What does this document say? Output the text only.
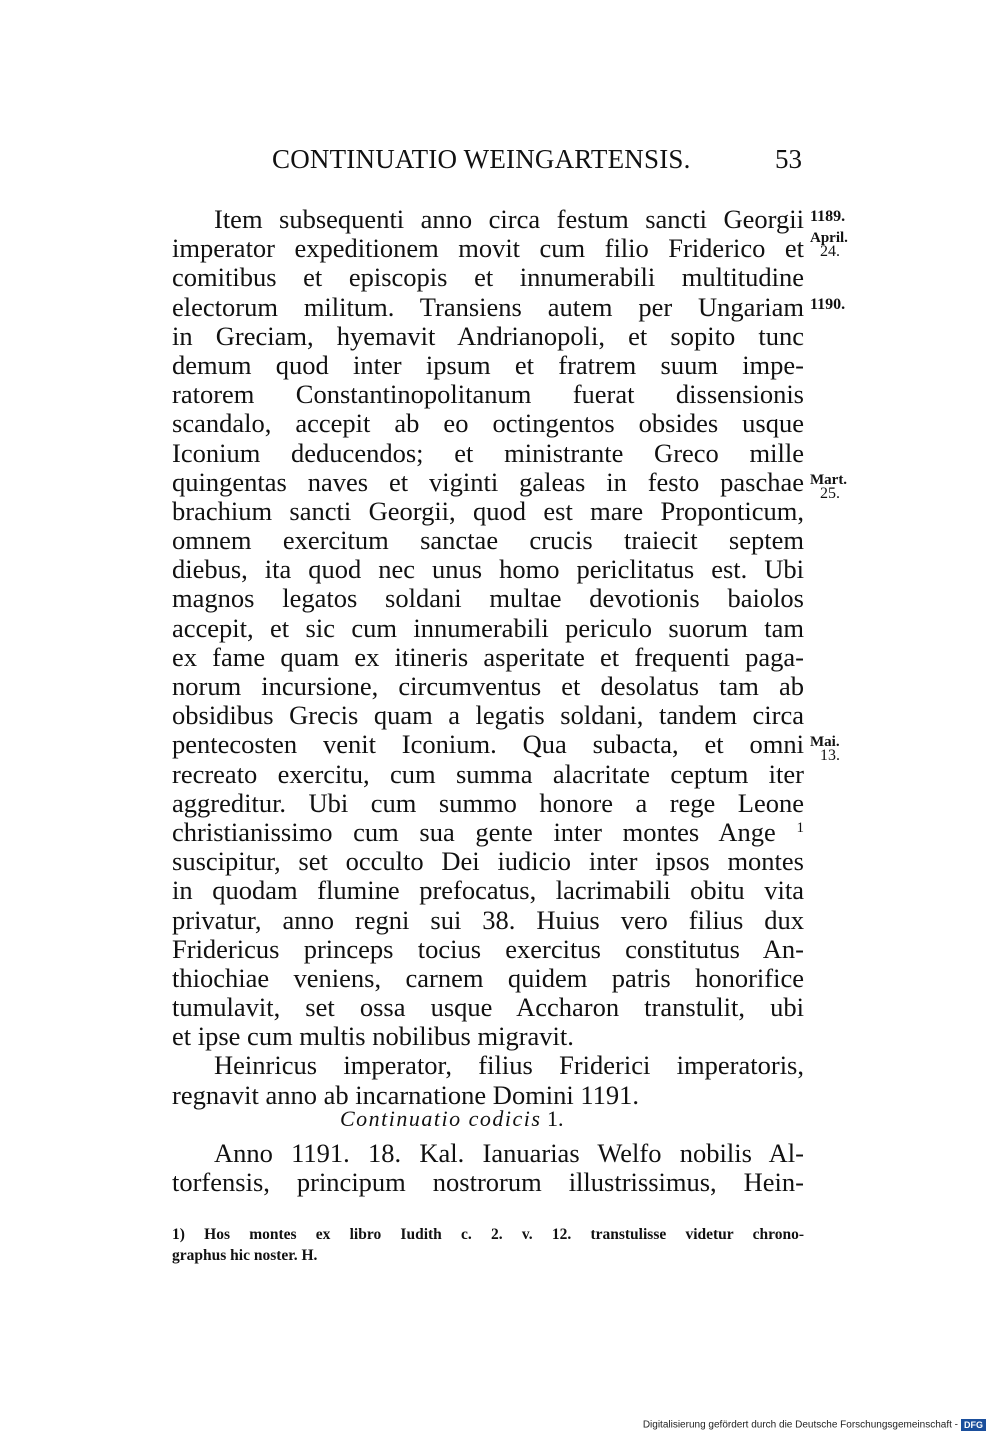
CONTINUATIO WEINGARTENSIS.	53
Item subsequenti anno circa festum sancti Georgii
imperator expeditionem movit cum filio Friderico et
comitibus et episcopis et innumerabili multitudine
electorum militum. Transiens autem per Ungariam
in Greciam, hyemavit Andrianopoli, et sopito tunc
demum quod inter ipsum et fratrem suum impe-
ratorem Constantinopolitanum fuerat dissensionis
scandalo, accepit ab eo octingentos obsides usque
Iconium deducendos; et ministrante Greco mille
quingentas naves et viginti galeas in festo paschae
brachium sancti Georgii, quod est mare Proponticum,
omnem exercitum sanctae crucis traiecit septem
diebus, ita quod nec unus homo periclitatus est. Ubi
magnos legatos soldani multae devotionis baiolos
accepit, et sic cum innumerabili periculo suorum tam
ex fame quam ex itineris asperitate et frequenti paga-
norum incursione, circumventus et desolatus tam ab
obsidibus Grecis quam a legatis soldani, tandem circa
pentecosten venit Iconium. Qua subacta, et omni
recreato exercitu, cum summa alacritate ceptum iter
aggreditur. Ubi cum summo honore a rege Leone
christianissimo cum sua gente inter montes Ange $^1$
suscipitur, set occulto Dei iudicio inter ipsos montes
in quodam flumine prefocatus, lacrimabili obitu vita
privatur, anno regni sui 38. Huius vero filius dux
Fridericus princeps tocius exercitus constitutus An-
thiochiae veniens, carnem quidem patris honorifice
tumulavit, set ossa usque Accharon transtulit, ubi
et ipse cum multis nobilibus migravit.
Heinricus imperator, filius Friderici imperatoris,
regnavit anno ab incarnatione Domini 1191.
Continuatio codicis 1.
Anno 1191. 18. Kal. Ianuarias Welfo nobilis Al-
torfensis, principum nostrorum illustrissimus, Hein-
1) Hos montes ex libro Iudith c. 2. v. 12. transtulisse videtur chrono-
graphus hic noster. H.
1189.
April.
24.
1190.
Mart.
25.
Mai.
13.
Digitalisierung gefördert durch die Deutsche Forschungsgemeinschaft - DFG
